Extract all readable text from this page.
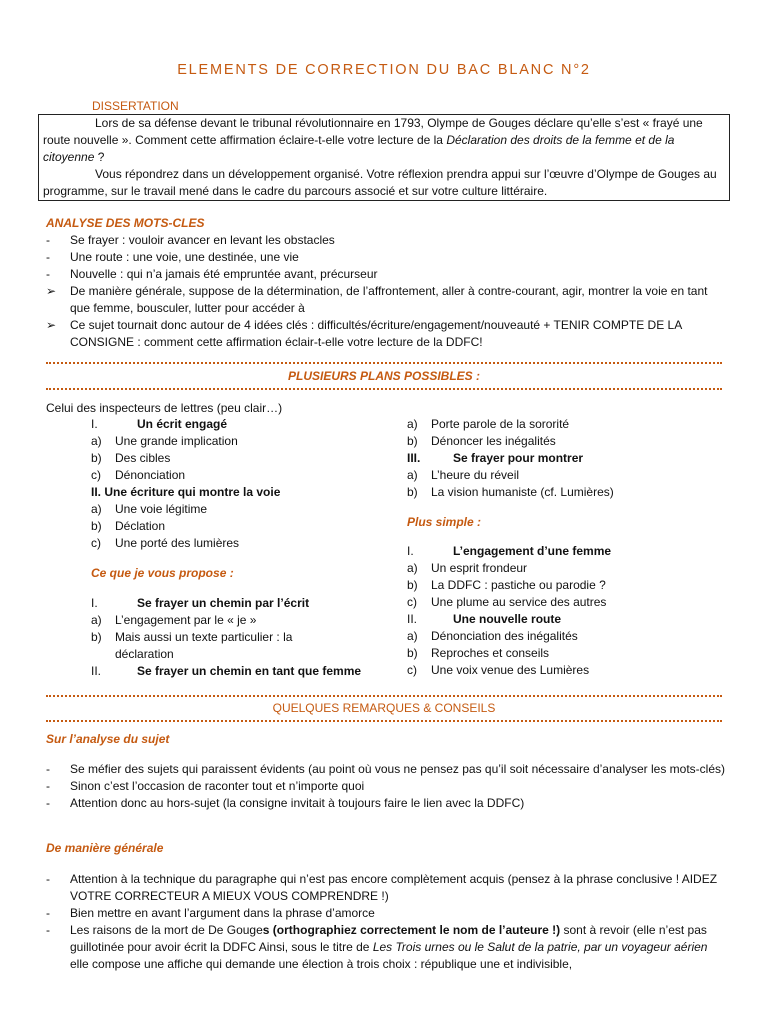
ELEMENTS DE CORRECTION DU BAC BLANC N°2
DISSERTATION

Lors de sa défense devant le tribunal révolutionnaire en 1793, Olympe de Gouges déclare qu’elle s’est « frayé une route nouvelle ». Comment cette affirmation éclaire-t-elle votre lecture de la Déclaration des droits de la femme et de la citoyenne ?

Vous répondrez dans un développement organisé. Votre réflexion prendra appui sur l’œuvre d’Olympe de Gouges au programme, sur le travail mené dans le cadre du parcours associé et sur votre culture littéraire.

ANALYSE DES MOTS-CLES
- Se frayer : vouloir avancer en levant les obstacles
- Une route : une voie, une destinée, une vie
- Nouvelle : qui n’a jamais été empruntée avant, précurseur
➢ De manière générale, suppose de la détermination, de l’affrontement, aller à contre-courant, agir, montrer la voie en tant que femme, bousculer, lutter pour accéder à
➢ Ce sujet tournait donc autour de 4 idées clés : difficultés/écriture/engagement/nouveauté + TENIR COMPTE DE LA CONSIGNE : comment cette affirmation éclair-t-elle votre lecture de la DDFC!
PLUSIEURS PLANS POSSIBLES :
Celui des inspecteurs de lettres (peu clair…)
I.	Un écrit engagé
a) Une grande implication
b) Des cibles
c) Dénonciation
II. Une écriture qui montre la voie
a) Une voie légitime
b) Déclation
c) Une porté des lumières
Ce que je vous propose :
I.	Se frayer un chemin par l’écrit
a) L’engagement par le « je »
b) Mais aussi un texte particulier : la déclaration
II.	Se frayer un chemin en tant que femme
a) Porte parole de la sororité
b) Dénoncer les inégalités
III.	Se frayer pour montrer
a) L’heure du réveil
b) La vision humaniste (cf. Lumières)
Plus simple :
I.	L’engagement d’une femme
a) Un esprit frondeur
b) La DDFC : pastiche ou parodie ?
c) Une plume au service des autres
II.	Une nouvelle route
a) Dénonciation des inégalités
b) Reproches et conseils
c) Une voix venue des Lumières
QUELQUES REMARQUES & CONSEILS
Sur l’analyse du sujet
- Se méfier des sujets qui paraissent évidents (au point où vous ne pensez pas qu’il soit nécessaire d’analyser les mots-clés)
- Sinon c’est l’occasion de raconter tout et n’importe quoi
- Attention donc au hors-sujet (la consigne invitait à toujours faire le lien avec la DDFC)
De manière générale
- Attention à la technique du paragraphe qui n’est pas encore complètement acquis (pensez à la phrase conclusive ! AIDEZ VOTRE CORRECTEUR A MIEUX VOUS COMPRENDRE !)
- Bien mettre en avant l’argument dans la phrase d’amorce
- Les raisons de la mort de De Gouges (orthographiez correctement le nom de l’auteure !) sont à revoir (elle n’est pas guillotinée pour avoir écrit la DDFC Ainsi, sous le titre de Les Trois urnes ou le Salut de la patrie, par un voyageur aérien elle compose une affiche qui demande une élection à trois choix : république une et indivisible,
